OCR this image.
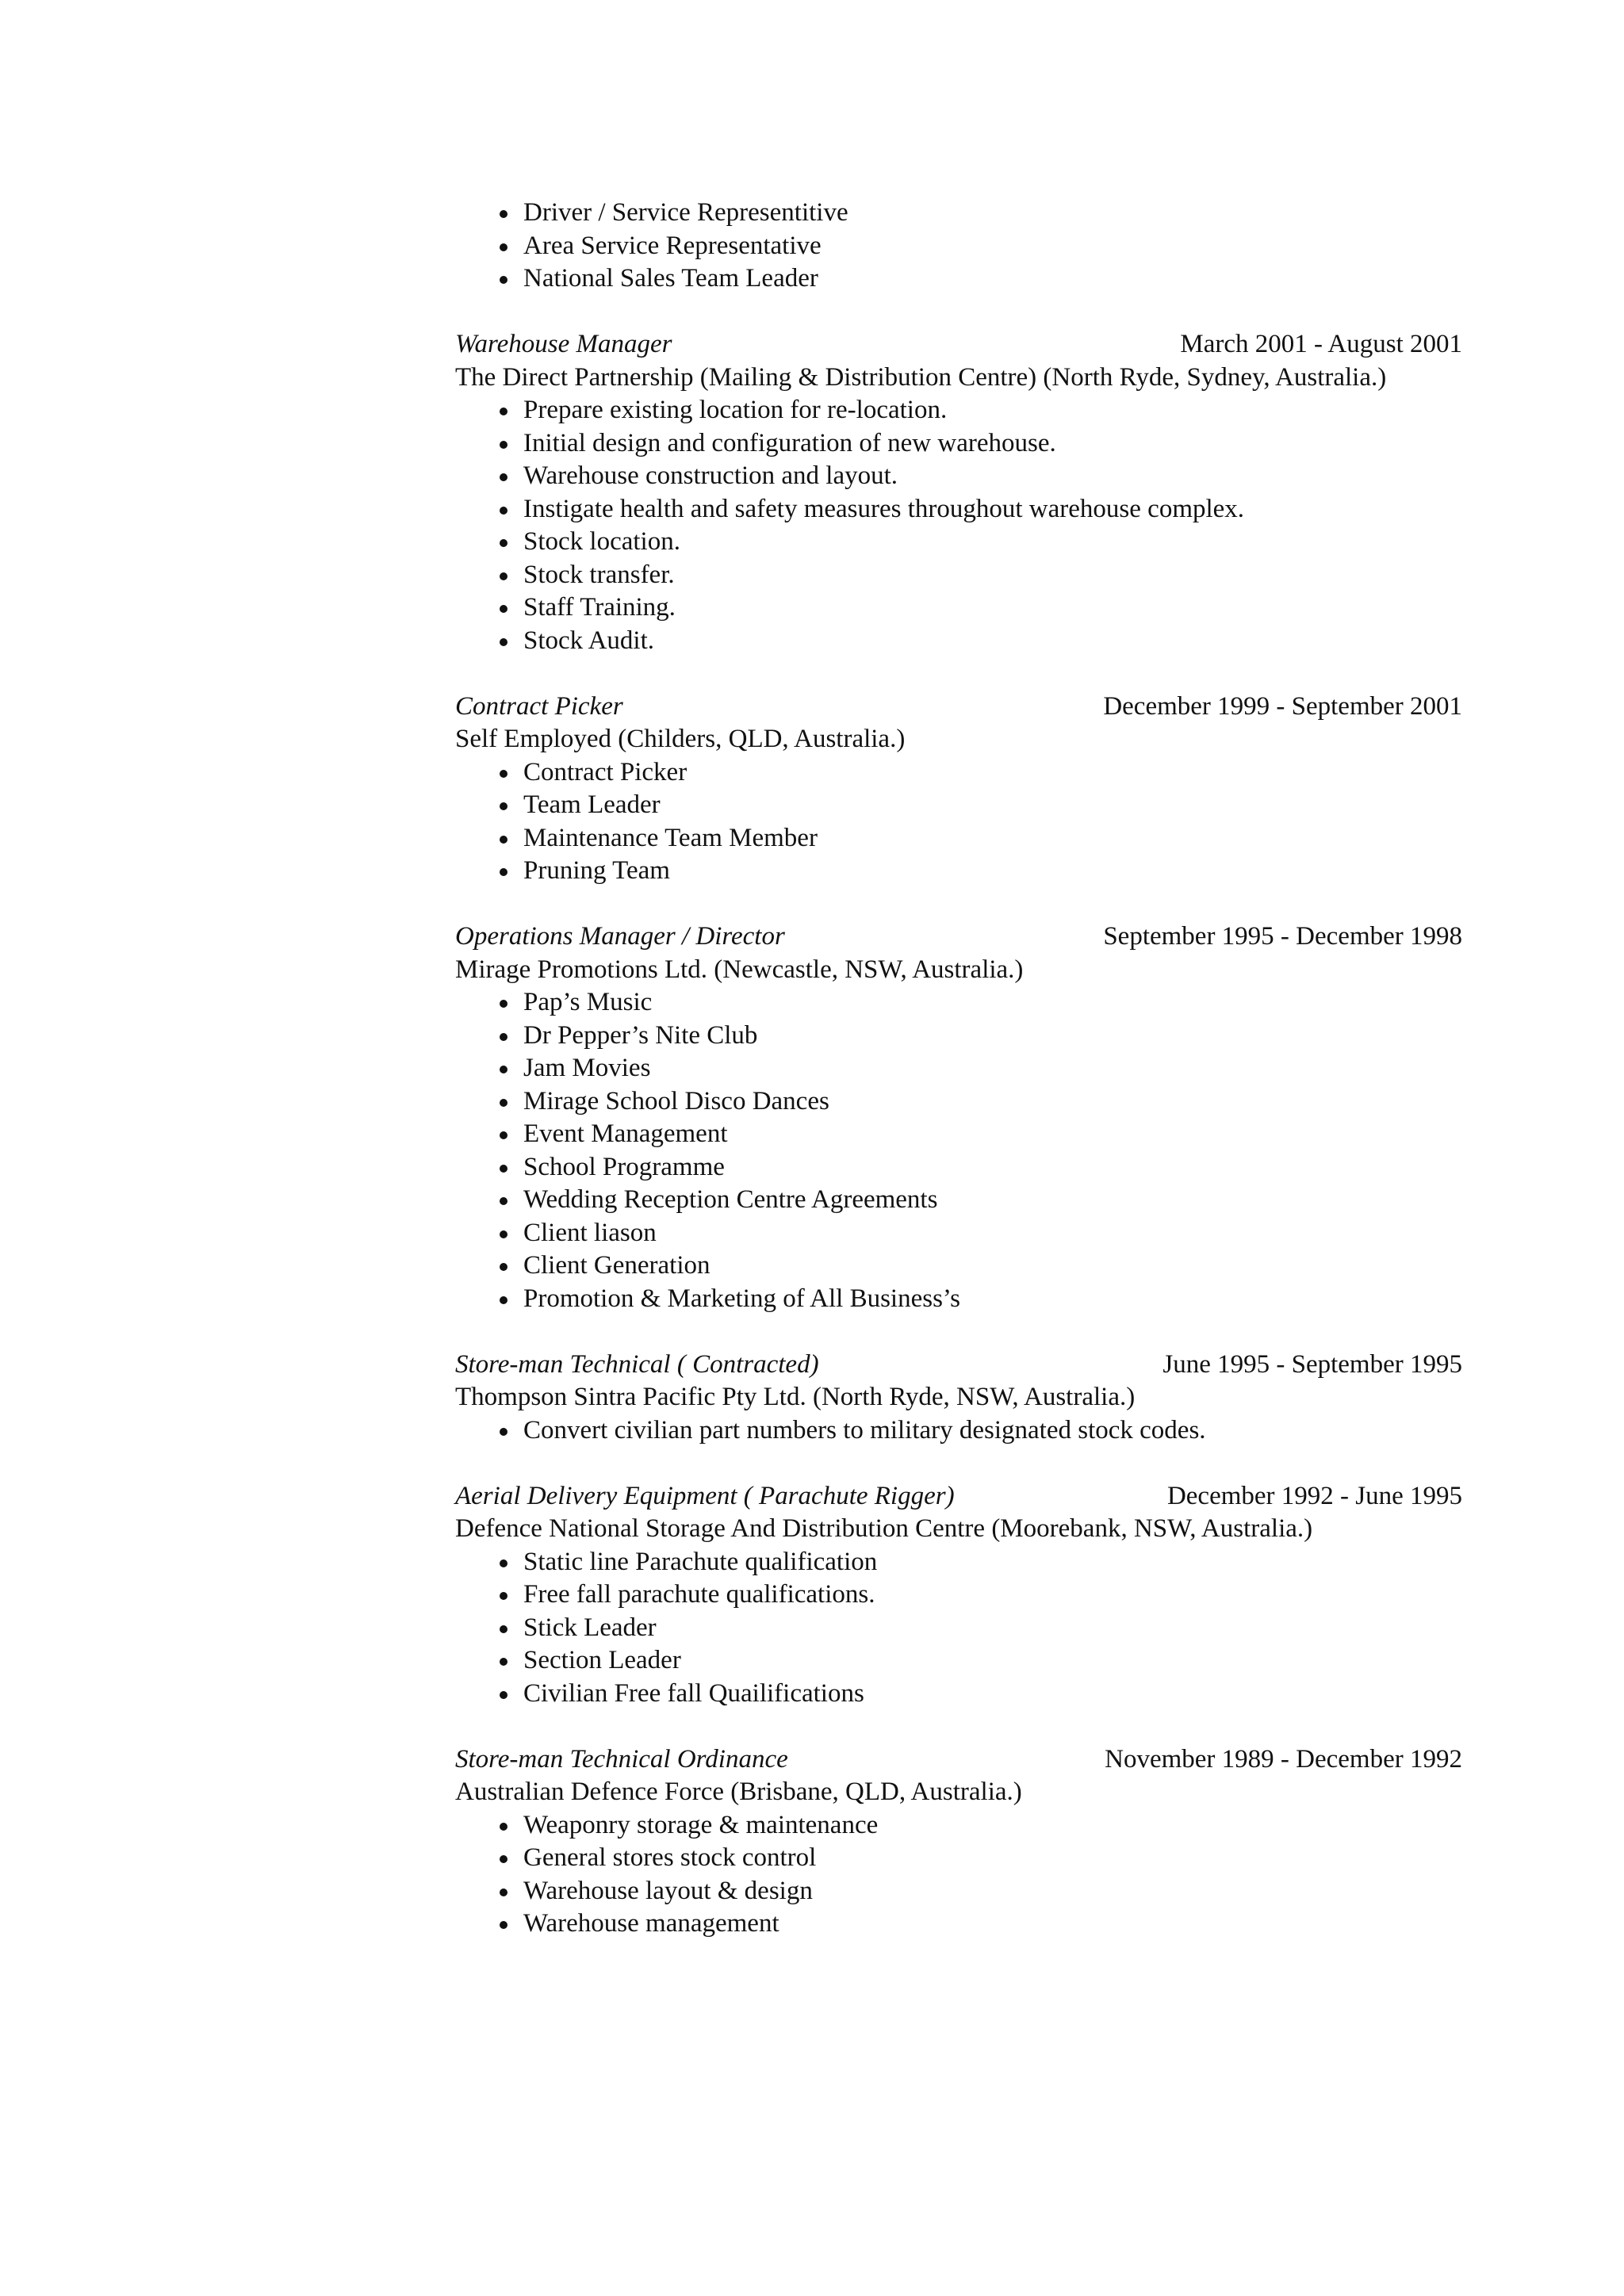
Driver / Service Representitive
Area Service Representative
National Sales Team Leader
Warehouse Manager	March 2001 - August 2001
The Direct Partnership (Mailing & Distribution Centre) (North Ryde, Sydney, Australia.)
Prepare existing location for re-location.
Initial design and configuration of new warehouse.
Warehouse construction and layout.
Instigate health and safety measures throughout warehouse complex.
Stock location.
Stock transfer.
Staff Training.
Stock Audit.
Contract Picker	December 1999 - September 2001
Self Employed (Childers, QLD, Australia.)
Contract Picker
Team Leader
Maintenance Team Member
Pruning Team
Operations Manager / Director	September 1995 - December 1998
Mirage Promotions Ltd. (Newcastle, NSW, Australia.)
Pap’s Music
Dr Pepper’s Nite Club
Jam Movies
Mirage School Disco Dances
Event Management
School Programme
Wedding Reception Centre Agreements
Client liason
Client Generation
Promotion & Marketing of All Business’s
Store-man Technical ( Contracted)	June 1995 - September 1995
Thompson Sintra Pacific Pty Ltd. (North Ryde, NSW, Australia.)
Convert civilian part numbers to military designated stock codes.
Aerial Delivery Equipment ( Parachute Rigger)	December 1992 - June 1995
Defence National Storage And Distribution Centre (Moorebank, NSW, Australia.)
Static line Parachute qualification
Free fall parachute qualifications.
Stick Leader
Section Leader
Civilian Free fall Quailifications
Store-man Technical Ordinance	November 1989 - December 1992
Australian Defence Force (Brisbane, QLD, Australia.)
Weaponry storage & maintenance
General stores stock control
Warehouse layout & design
Warehouse management
